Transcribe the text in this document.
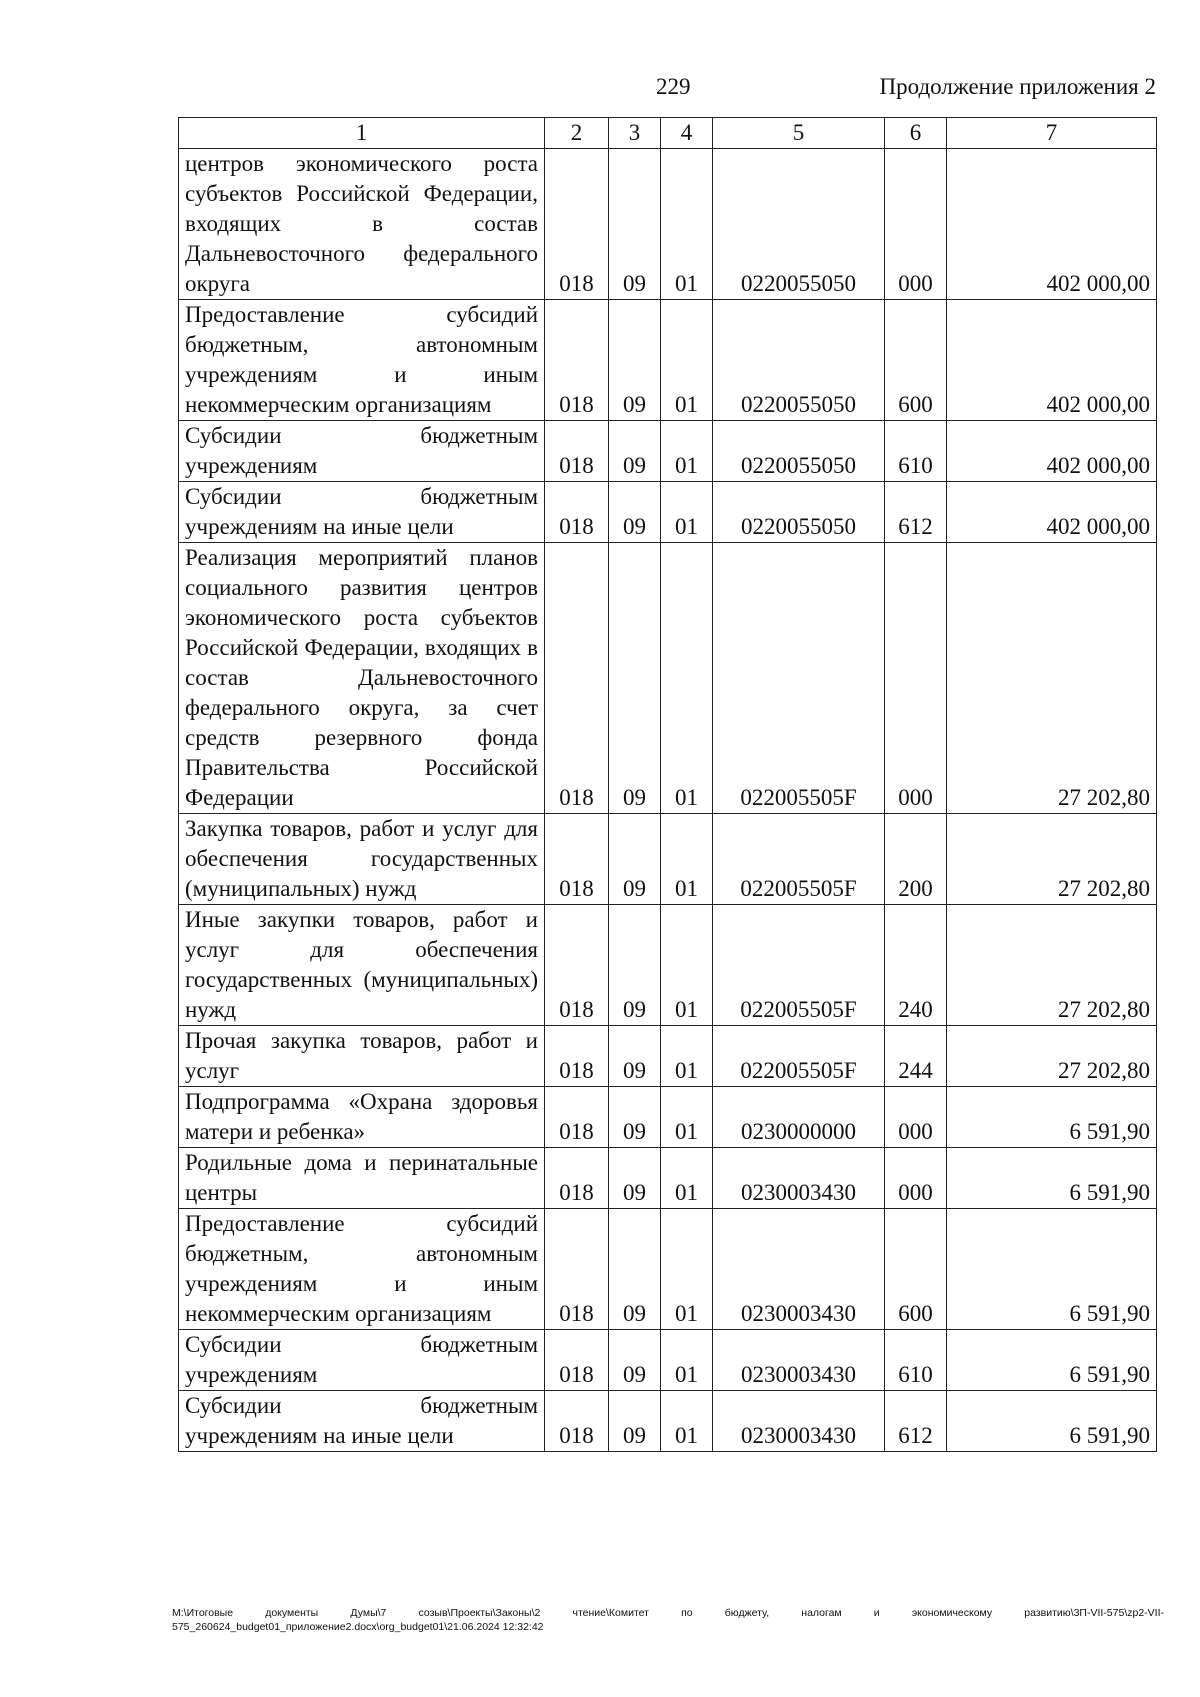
229	Продолжение приложения 2
1	2	3	4	5	6	7
центров экономического роста субъектов Российской Федерации, входящих в состав Дальневосточного федерального округа	018	09	01	0220055050	000	402 000,00
Предоставление субсидий бюджетным, автономным учреждениям и иным некоммерческим организациям	018	09	01	0220055050	600	402 000,00
Субсидии бюджетным учреждениям	018	09	01	0220055050	610	402 000,00
Субсидии бюджетным учреждениям на иные цели	018	09	01	0220055050	612	402 000,00
Реализация мероприятий планов социального развития центров экономического роста субъектов Российской Федерации, входящих в состав Дальневосточного федерального округа, за счет средств резервного фонда Правительства Российской Федерации	018	09	01	022005505F	000	27 202,80
Закупка товаров, работ и услуг для обеспечения государственных (муниципальных) нужд	018	09	01	022005505F	200	27 202,80
Иные закупки товаров, работ и услуг для обеспечения государственных (муниципальных) нужд	018	09	01	022005505F	240	27 202,80
Прочая закупка товаров, работ и услуг	018	09	01	022005505F	244	27 202,80
Подпрограмма «Охрана здоровья матери и ребенка»	018	09	01	0230000000	000	6 591,90
Родильные дома и перинатальные центры	018	09	01	0230003430	000	6 591,90
Предоставление субсидий бюджетным, автономным учреждениям и иным некоммерческим организациям	018	09	01	0230003430	600	6 591,90
Субсидии бюджетным учреждениям	018	09	01	0230003430	610	6 591,90
Субсидии бюджетным учреждениям на иные цели	018	09	01	0230003430	612	6 591,90
M:\Итоговые документы Думы\7 созыв\Проекты\Законы\2 чтение\Комитет по бюджету, налогам и экономическому развитию\3П-VII-575\zp2-VII-575_260624_budget01_приложение2.docx\org_budget01\21.06.2024 12:32:42
